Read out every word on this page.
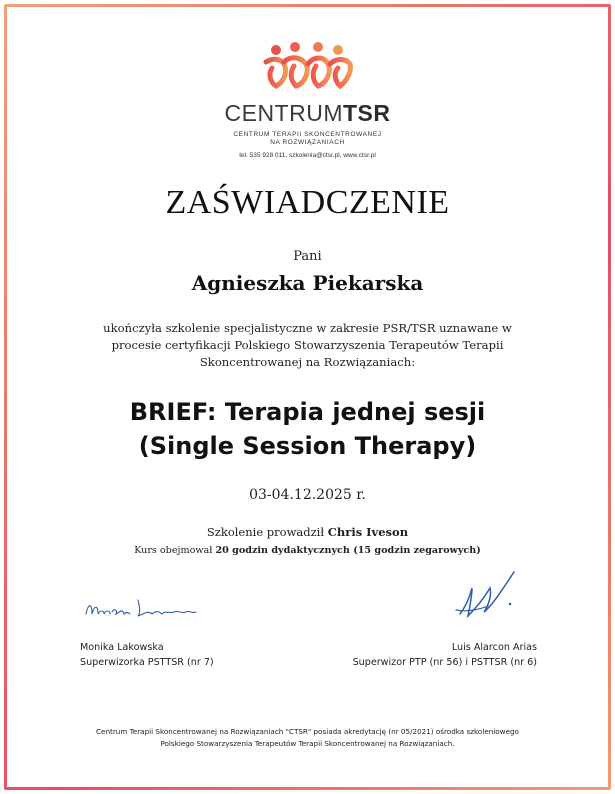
CENTRUMTSR
CENTRUM TERAPII SKONCENTROWANEJ
NA ROZWIĄZANIACH
tel. 535 928 011, szkolenia@ctsr.pl, www.ctsr.pl
ZAŚWIADCZENIE
Pani
Agnieszka Piekarska
ukończyła szkolenie specjalistyczne w zakresie PSR/TSR uznawane w procesie certyfikacji Polskiego Stowarzyszenia Terapeutów Terapii Skoncentrowanej na Rozwiązaniach:
BRIEF: Terapia jednej sesji
(Single Session Therapy)
03-04.12.2025 r.
Szkolenie prowadził Chris Iveson
Kurs obejmował 20 godzin dydaktycznych (15 godzin zegarowych)
Monika Lakowska
Superwizorka PSTTSR (nr 7)
Luis Alarcon Arias
Superwizor PTP (nr 56) i PSTTSR (nr 6)
Centrum Terapii Skoncentrowanej na Rozwiązaniach "CTSR" posiada akredytację (nr 05/2021) ośrodka szkoleniowego
Polskiego Stowarzyszenia Terapeutów Terapii Skoncentrowanej na Rozwiązaniach.
